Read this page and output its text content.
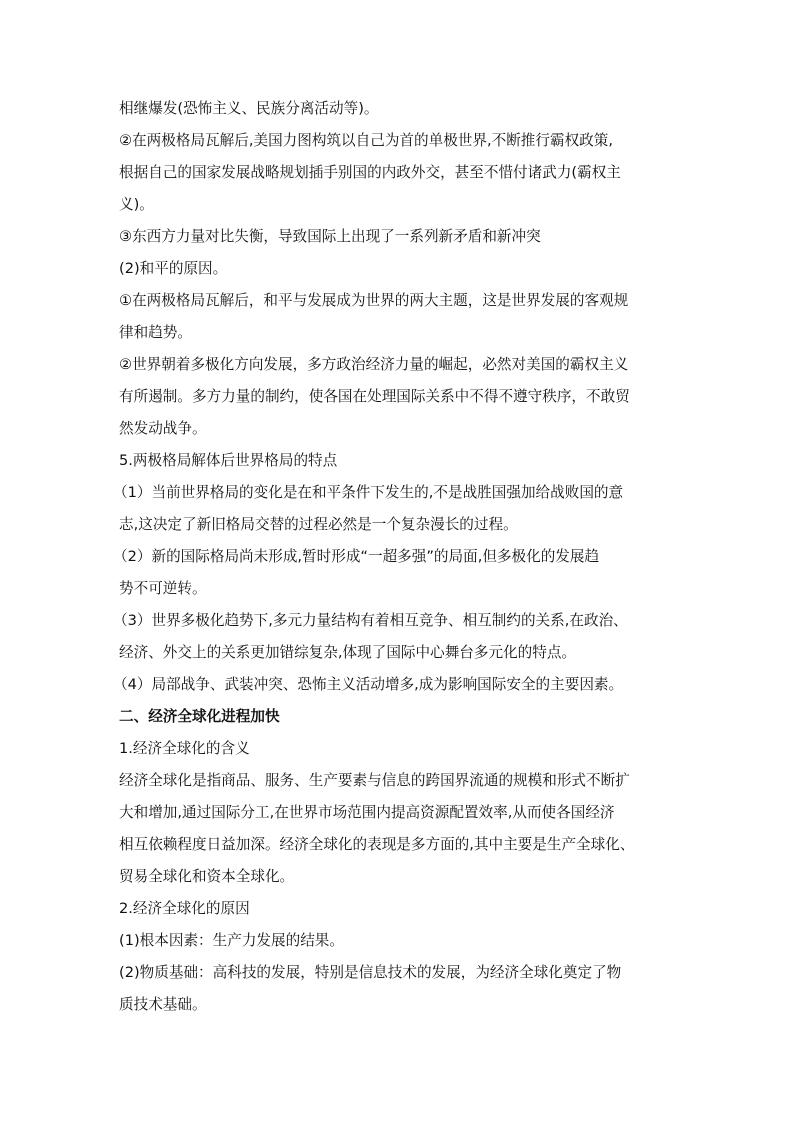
相继爆发(恐怖主义、民族分离活动等)。
②在两极格局瓦解后,美国力图构筑以自己为首的单极世界,不断推行霸权政策,
根据自己的国家发展战略规划插手别国的内政外交，甚至不惜付诸武力(霸权主
义)。
③东西方力量对比失衡，导致国际上出现了一系列新矛盾和新冲突
(2)和平的原因。
①在两极格局瓦解后，和平与发展成为世界的两大主题，这是世界发展的客观规
律和趋势。
②世界朝着多极化方向发展，多方政治经济力量的崛起，必然对美国的霸权主义
有所遏制。多方力量的制约，使各国在处理国际关系中不得不遵守秩序，不敢贸
然发动战争。
5.两极格局解体后世界格局的特点
（1）当前世界格局的变化是在和平条件下发生的,不是战胜国强加给战败国的意
志,这决定了新旧格局交替的过程必然是一个复杂漫长的过程。
（2）新的国际格局尚未形成,暂时形成“一超多强”的局面,但多极化的发展趋
势不可逆转。
（3）世界多极化趋势下,多元力量结构有着相互竞争、相互制约的关系,在政治、
经济、外交上的关系更加错综复杂,体现了国际中心舞台多元化的特点。
（4）局部战争、武装冲突、恐怖主义活动增多,成为影响国际安全的主要因素。
二、经济全球化进程加快
1.经济全球化的含义
经济全球化是指商品、服务、生产要素与信息的跨国界流通的规模和形式不断扩
大和增加,通过国际分工,在世界市场范围内提高资源配置效率,从而使各国经济
相互依赖程度日益加深。经济全球化的表现是多方面的,其中主要是生产全球化、
贸易全球化和资本全球化。
2.经济全球化的原因
(1)根本因素：生产力发展的结果。
(2)物质基础：高科技的发展，特别是信息技术的发展，为经济全球化奠定了物
质技术基础。
